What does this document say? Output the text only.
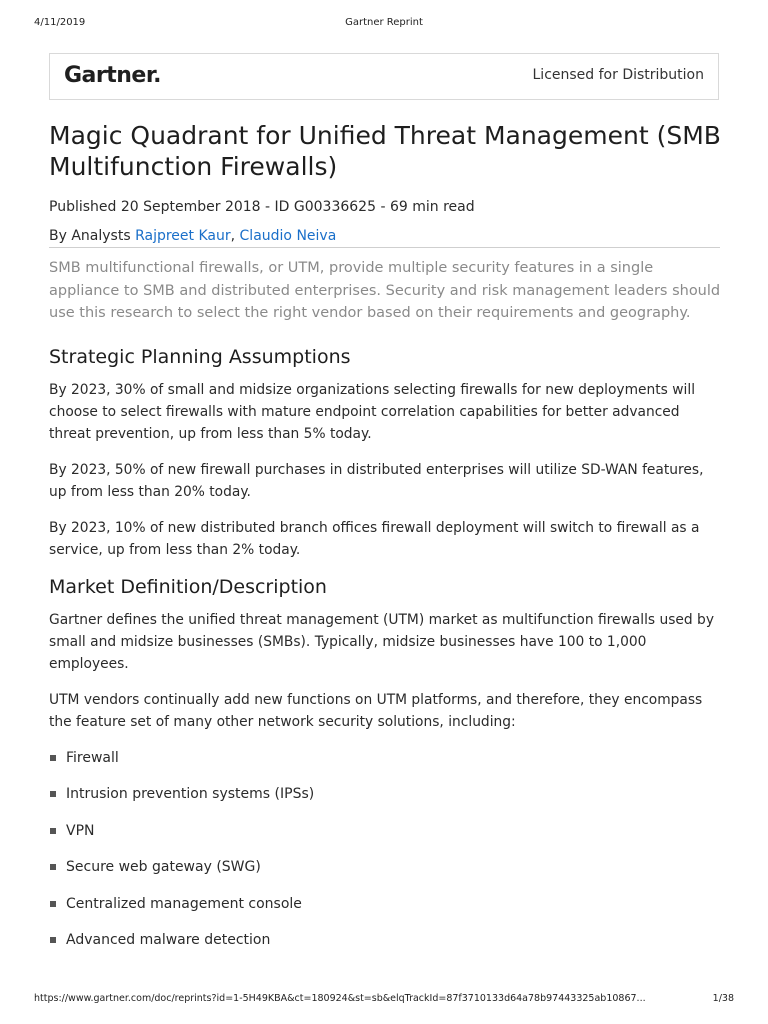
4/11/2019	Gartner Reprint
Gartner.	Licensed for Distribution
Magic Quadrant for Unified Threat Management (SMB Multifunction Firewalls)
Published 20 September 2018 - ID G00336625 - 69 min read
By Analysts Rajpreet Kaur, Claudio Neiva

SMB multifunctional firewalls, or UTM, provide multiple security features in a single appliance to SMB and distributed enterprises. Security and risk management leaders should use this research to select the right vendor based on their requirements and geography.

Strategic Planning Assumptions

By 2023, 30% of small and midsize organizations selecting firewalls for new deployments will choose to select firewalls with mature endpoint correlation capabilities for better advanced threat prevention, up from less than 5% today.

By 2023, 50% of new firewall purchases in distributed enterprises will utilize SD-WAN features, up from less than 20% today.

By 2023, 10% of new distributed branch offices firewall deployment will switch to firewall as a service, up from less than 2% today.

Market Definition/Description

Gartner defines the unified threat management (UTM) market as multifunction firewalls used by small and midsize businesses (SMBs). Typically, midsize businesses have 100 to 1,000 employees.

UTM vendors continually add new functions on UTM platforms, and therefore, they encompass the feature set of many other network security solutions, including:

Firewall
Intrusion prevention systems (IPSs)
VPN
Secure web gateway (SWG)
Centralized management console
Advanced malware detection
https://www.gartner.com/doc/reprints?id=1-5H49KBA&ct=180924&st=sb&elqTrackId=87f3710133d64a78b97443325ab10867...	1/38
